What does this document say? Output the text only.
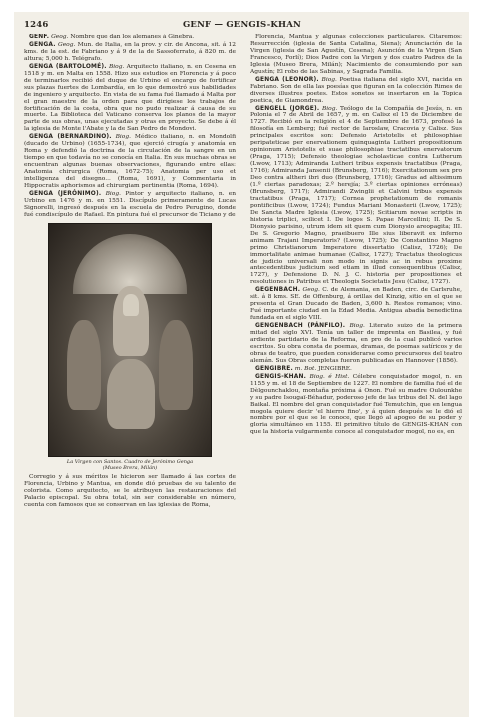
1246	GENF — GENGIS-KHAN

GENF. Geog. Nombre que dan los alemanes á Ginebra.

GENGA. Geog. Mun. de Italia, en la prov. y cir. de Ancona, sit. á 12 kms. de la est. de Fabriano y á 9 de la de Sassoferrato, á 820 m. de altura; 5,000 h. Telégrafo.

GENGA (BARTOLOMÉ). Biog. Arquitecto italiano, n. en Cesena en 1518 y m. en Malta en 1558. Hizo sus estudios en Florencia y á poco de terminarlos recibió del duque de Urbino el encargo de fortificar sus plazas fuertes de Lombardía, en lo que demostró sus habilidades de ingeniero y arquitecto. En vista de su fama fué llamado á Malta por el gran maestre de la orden para que dirigiese los trabajos de fortificación de la costa, obra que no pudo realizar á causa de su muerte. La Biblioteca del Vaticano conserva los planos de la mayor parte de sus obras, unas ejecutadas y otras en proyecto. Se debe á él la iglesia de Monte l'Abate y la de San Pedro de Mondovi.

GENGA (BERNARDINO). Biog. Médico italiano, n. en Mondolfi (ducado de Urbino) (1655-1734), que ejerció cirugía y anatomía en Roma y defendió la doctrina de la circulación de la sangre en un tiempo en que todavía no se conocía en Italia. En sus muchas obras se encuentran algunas buenas observaciones, figurando entre ellas: Anatomia chirurgica (Roma, 1672-75); Anatomia per uso et intelligenza del disegno... (Roma, 1691), y Commentaria in Hippocratis aphorismos ad chirurgiam pertinentia (Roma, 1694).

GENGA (JERÓNIMO). Biog. Pintor y arquitecto italiano, n. en Urbino en 1476 y m. en 1551. Discípulo primeramente de Lucas Signorelli, ingresó después en la escuela de Pedro Perugino, donde fué condiscípulo de Rafael. En pintura fué el precursor de Ticiano y de

La Virgen con Santos. Cuadro de Jerónimo Genga
(Museo Brera, Milán)

Corregio y á sus méritos le hicieron ser llamado á las cortes de Florencia, Urbino y Mantua, en donde dió pruebas de su talento de colorista. Como arquitecto, se le atribuyen las restauraciones del Palacio episcopal. Su obra total, sin ser considerable en número, cuenta con famosos que se conservan en las iglesias de Roma,

Florencia, Mantua y algunas colecciones particulares. Citaremos: Resurrección (iglesia de Santa Catalina, Siena); Anunciación de la Virgen (iglesia de San Agustín, Cesena); Asunción de la Virgen (San Francesco, Forlí); Dios Padre con la Virgen y dos cuatro Padres de la Iglesia (Museo Brera, Milán); Nacimiento de consumiendo por san Agustín; El robo de las Sabinas, y Sagrada Familia.

GENGA (LEONOR). Biog. Poetisa italiana del siglo XVI, nacida en Fabriano. Son de ella las poesías que figuran en la colección Rimes de diverses illustres poetes. Estos sonetos se insertaron en la Topica poetica, de Giamondrea.

GENGELL (JORGE). Biog. Teólogo de la Compañía de Jesús, n. en Polonia el 7 de Abril de 1657, y m. en Calisz el 15 de Diciembre de 1727. Recibió en la religión el 4 de Septiembre de 1673, profesó la filosofía en Lemberg; fué rector de Iaroslaw, Cracovia y Calisz. Sus principales escritos son: Defensio Aristotelis et philosophiae peripateticae per enervationem quinquaginta Lutheri propositionum opinionum Aristotelis et suae philosophiae tractatibus enervatorum (Praga, 1715); Defensio theologiae scholasticae contra Lutherum (Lwow, 1713); Admiranda Lutheri tribus expensis tractatibus (Praga, 1716); Admiranda Jansenii (Brunsberg, 1716); Exercitationum sex pro Deo contra altheri ibri duo (Brunsberg, 1716); Gradus ad altissimum (1.º ciertas paradoxas; 2.º herejía; 3.º ciertas opiniones erróneas) (Brunsberg, 1717); Admirandi Zwinglii et Calvini tribus expensis tractatibus (Praga, 1717); Cornea prophetationum de romanis pontificibus (Lwow, 1724); Fundus Mariani Monasterii (Lwow, 1725); De Sancta Madre Iglesia (Lwow, 1725); Scitiarum novae scriptis in historia triplici, scilicet I. De logos S. Papae Marcellini; II. De S. Dionysio parisino, utrum idem sit quem cum Dionysio areopagita; III. De S. Gregorio Magno, praeibuero Ille sius liberavit ex inferno animam Trajani Imperatoris? (Lwow, 1725); De Constantino Magno primo Christianorum Imperatore dissertatio (Calisz, 1726); De immortalitate animae humanae (Calisz, 1727); Tractatus theologicus de judicio universali non modo in signis ac in rebus proxime antecedentibus judicium sed etiam in illud consequentibus (Calisz, 1727), y Defensione D. N. J. C. historia per propositiones et resolutiones in Patribus et Theologis Societatis Jesu (Calisz, 1727).

GEGENBACH. Geog. C. de Alemania, en Baden, circ. de Carlsruhe, sit. á 8 kms. SE. de Offenburg, á orillas del Kinzig, sitio en el que se presenta el Gran Ducado de Baden, 3,600 h. Restos romanos; vino. Fué importante ciudad en la Edad Media. Antigua abadía benedictina fundada en el siglo VIII.

GENGENBACH (PÁNFILO). Biog. Literato suizo de la primera mitad del siglo XVI. Tenía un taller de imprenta en Basilea, y fué ardiente partidario de la Reforma, en pro de la cual publicó varios escritos. Su obra consta de poemas, dramas, de poemas satíricos y de obras de teatro, que pueden considerarse como precursores del teatro alemán. Sus Obras completas fueron publicadas en Hannover (1856).

GENGIBRE. m. Bot. JENGIBRE.

GENGIS-KHAN. Biog. é Hist. Célebre conquistador mogol, n. en 1155 y m. el 18 de Septiembre de 1227. El nombre de familia fué el de Dèlgounchaklou, montaña próxima á Onon. Fué su madre Oulounkhe y su padre Isougaï-Béhadur, poderoso jefe de las tribus del N. del lago Baikal. El nombre del gran conquistador fué Temutchin, que en lengua mogola quiere decir 'el hierro fino', y á quien después se le dió el nombre por el que se le conoce, que llegó al apogeo de su poder y gloria simultáneo en 1155. El primitivo título de GENGIS-KHAN con que la historia vulgarmente conoce al conquistador mogol, no es, en
